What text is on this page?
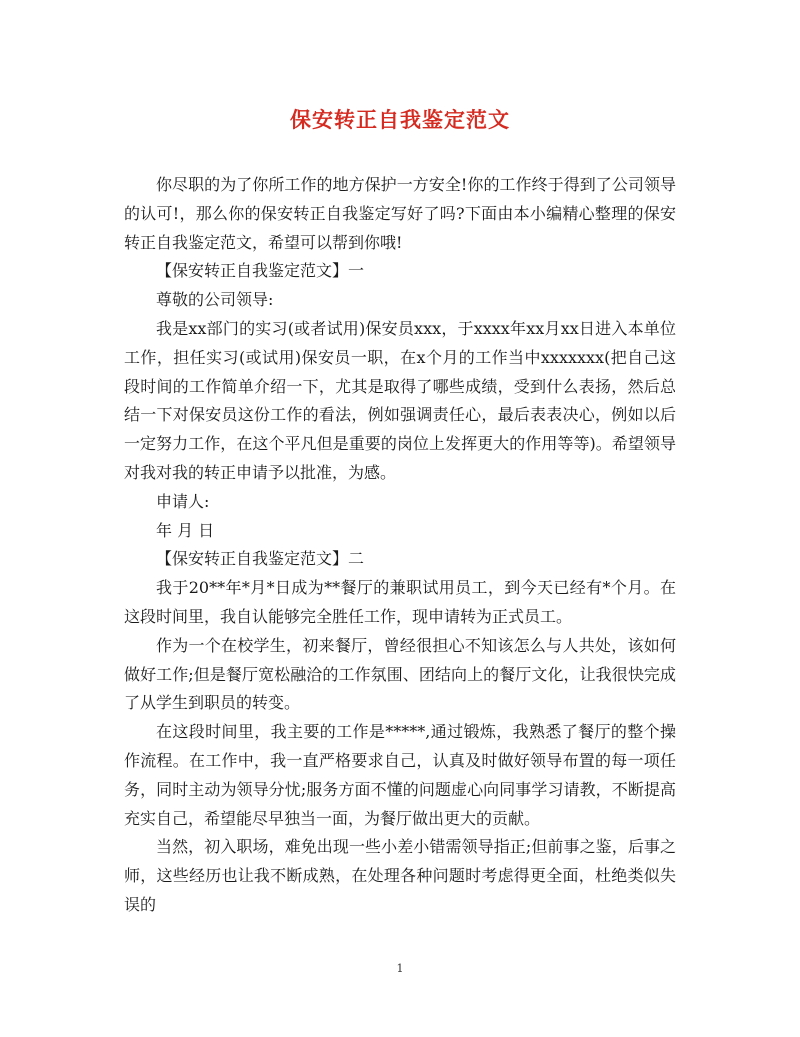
保安转正自我鉴定范文

你尽职的为了你所工作的地方保护一方安全!你的工作终于得到了公司领导的认可!，那么你的保安转正自我鉴定写好了吗?下面由本小编精心整理的保安转正自我鉴定范文，希望可以帮到你哦!

【保安转正自我鉴定范文】一

尊敬的公司领导:

我是xx部门的实习(或者试用)保安员xxx，于xxxx年xx月xx日进入本单位工作，担任实习(或试用)保安员一职，在x个月的工作当中xxxxxxx(把自己这段时间的工作简单介绍一下，尤其是取得了哪些成绩，受到什么表扬，然后总结一下对保安员这份工作的看法，例如强调责任心，最后表表决心，例如以后一定努力工作，在这个平凡但是重要的岗位上发挥更大的作用等等)。希望领导对我对我的转正申请予以批准，为感。

申请人:

年 月 日

【保安转正自我鉴定范文】二

我于20**年*月*日成为**餐厅的兼职试用员工，到今天已经有*个月。在这段时间里，我自认能够完全胜任工作，现申请转为正式员工。

作为一个在校学生，初来餐厅，曾经很担心不知该怎么与人共处，该如何做好工作;但是餐厅宽松融洽的工作氛围、团结向上的餐厅文化，让我很快完成了从学生到职员的转变。

在这段时间里，我主要的工作是*****,通过锻炼，我熟悉了餐厅的整个操作流程。在工作中，我一直严格要求自己，认真及时做好领导布置的每一项任务，同时主动为领导分忧;服务方面不懂的问题虚心向同事学习请教，不断提高充实自己，希望能尽早独当一面，为餐厅做出更大的贡献。

当然，初入职场，难免出现一些小差小错需领导指正;但前事之鉴，后事之师，这些经历也让我不断成熟，在处理各种问题时考虑得更全面，杜绝类似失误的

1
